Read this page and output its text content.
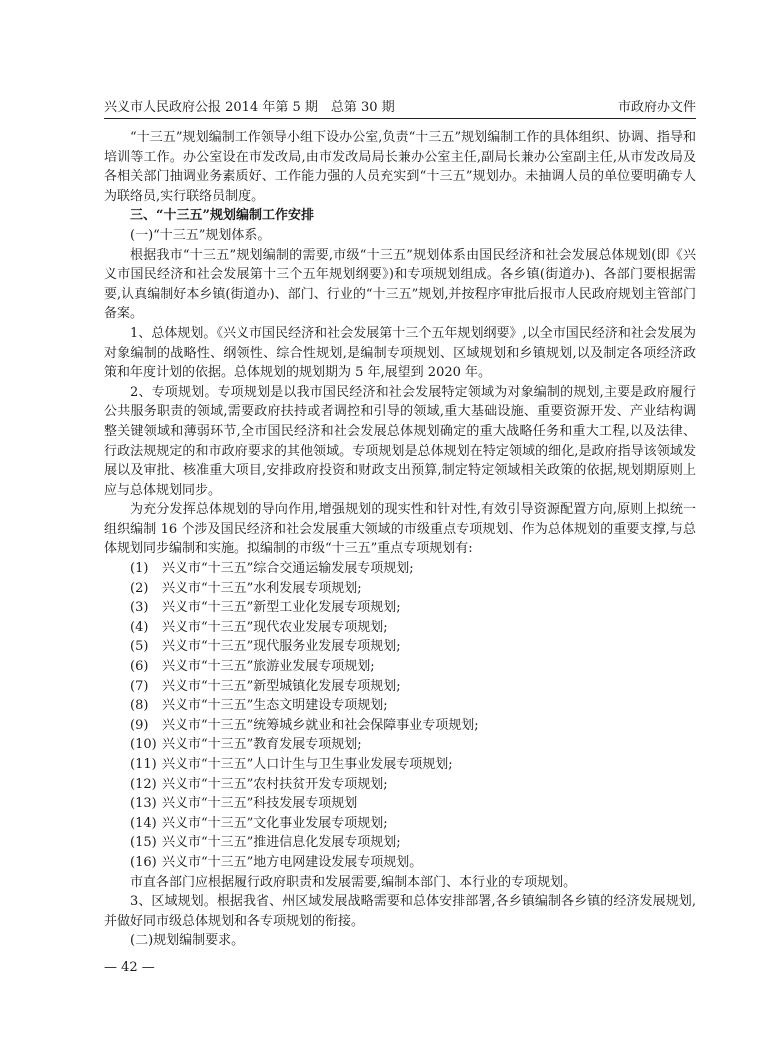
兴义市人民政府公报 2014 年第 5 期　总第 30 期	市政府办文件

“十三五”规划编制工作领导小组下设办公室,负责“十三五”规划编制工作的具体组织、协调、指导和培训等工作。办公室设在市发改局,由市发改局局长兼办公室主任,副局长兼办公室副主任,从市发改局及各相关部门抽调业务素质好、工作能力强的人员充实到“十三五”规划办。未抽调人员的单位要明确专人为联络员,实行联络员制度。

三、“十三五”规划编制工作安排

(一)“十三五”规划体系。

根据我市“十三五”规划编制的需要,市级“十三五”规划体系由国民经济和社会发展总体规划(即《兴义市国民经济和社会发展第十三个五年规划纲要》)和专项规划组成。各乡镇(街道办)、各部门要根据需要,认真编制好本乡镇(街道办)、部门、行业的“十三五”规划,并按程序审批后报市人民政府规划主管部门备案。

1、总体规划。《兴义市国民经济和社会发展第十三个五年规划纲要》,以全市国民经济和社会发展为对象编制的战略性、纲领性、综合性规划,是编制专项规划、区域规划和乡镇规划,以及制定各项经济政策和年度计划的依据。总体规划的规划期为 5 年,展望到 2020 年。

2、专项规划。专项规划是以我市国民经济和社会发展特定领域为对象编制的规划,主要是政府履行公共服务职责的领域,需要政府扶持或者调控和引导的领域,重大基础设施、重要资源开发、产业结构调整关键领域和薄弱环节,全市国民经济和社会发展总体规划确定的重大战略任务和重大工程,以及法律、行政法规规定的和市政府要求的其他领域。专项规划是总体规划在特定领域的细化,是政府指导该领域发展以及审批、核准重大项目,安排政府投资和财政支出预算,制定特定领域相关政策的依据,规划期原则上应与总体规划同步。

为充分发挥总体规划的导向作用,增强规划的现实性和针对性,有效引导资源配置方向,原则上拟统一组织编制 16 个涉及国民经济和社会发展重大领域的市级重点专项规划、作为总体规划的重要支撑,与总体规划同步编制和实施。拟编制的市级“十三五”重点专项规划有:

(1) 兴义市“十三五”综合交通运输发展专项规划;
(2) 兴义市“十三五”水利发展专项规划;
(3) 兴义市“十三五”新型工业化发展专项规划;
(4) 兴义市“十三五”现代农业发展专项规划;
(5) 兴义市“十三五”现代服务业发展专项规划;
(6) 兴义市“十三五”旅游业发展专项规划;
(7) 兴义市“十三五”新型城镇化发展专项规划;
(8) 兴义市“十三五”生态文明建设专项规划;
(9) 兴义市“十三五”统筹城乡就业和社会保障事业专项规划;
(10) 兴义市“十三五”教育发展专项规划;
(11) 兴义市“十三五”人口计生与卫生事业发展专项规划;
(12) 兴义市“十三五”农村扶贫开发专项规划;
(13) 兴义市“十三五”科技发展专项规划
(14) 兴义市“十三五”文化事业发展专项规划;
(15) 兴义市“十三五”推进信息化发展专项规划;
(16) 兴义市“十三五”地方电网建设发展专项规划。

市直各部门应根据履行政府职责和发展需要,编制本部门、本行业的专项规划。

3、区域规划。根据我省、州区域发展战略需要和总体安排部署,各乡镇编制各乡镇的经济发展规划,并做好同市级总体规划和各专项规划的衔接。

(二)规划编制要求。

— 42 —
